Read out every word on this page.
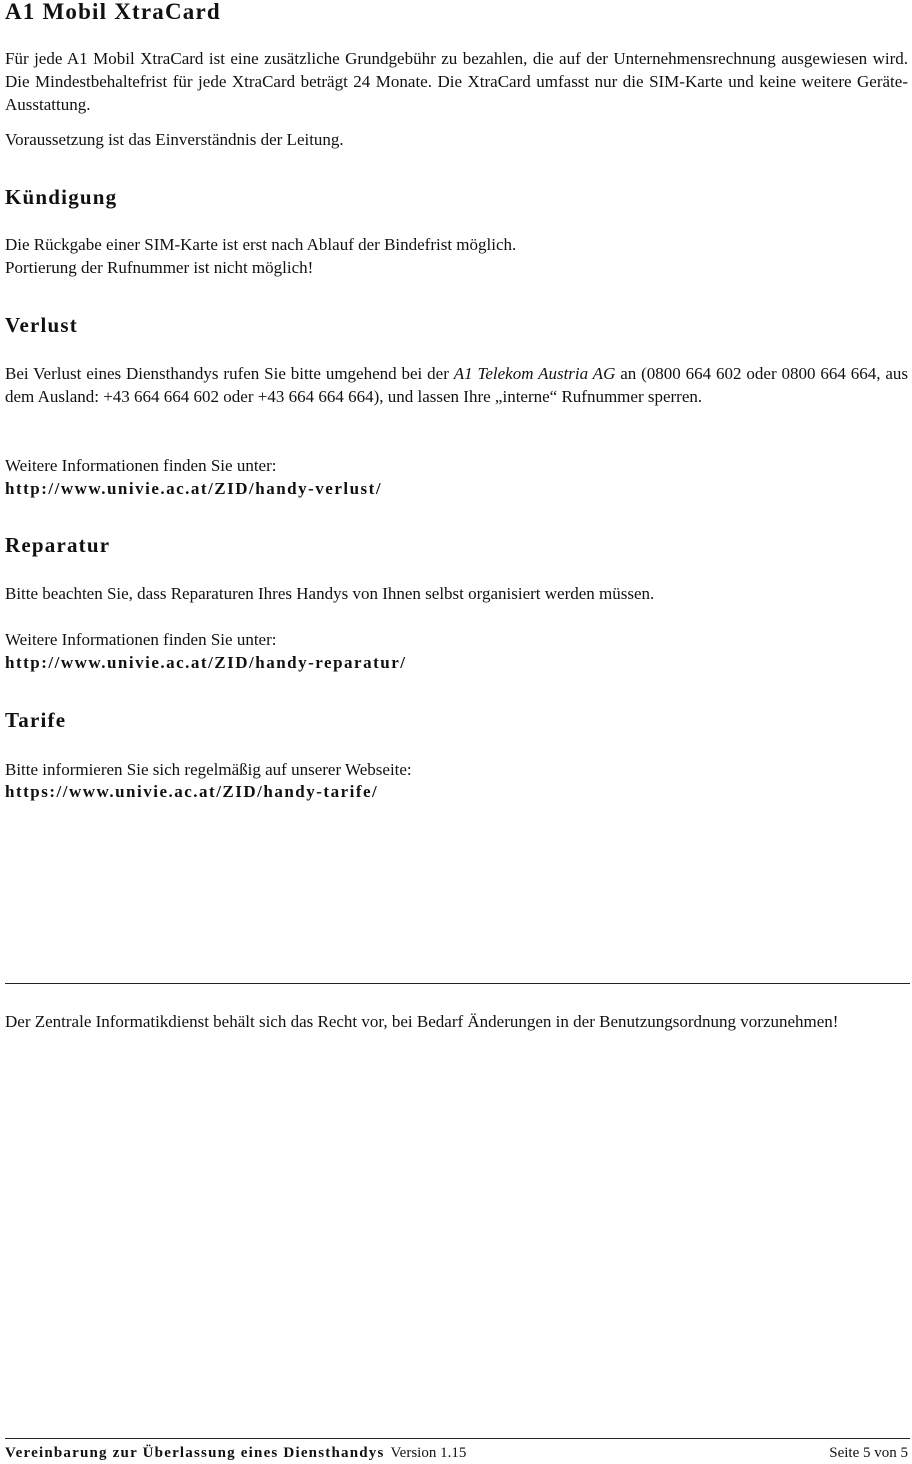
A1 Mobil XtraCard

Für jede A1 Mobil XtraCard ist eine zusätzliche Grundgebühr zu bezahlen, die auf der Unternehmensrechnung ausgewiesen wird. Die Mindestbehaltefrist für jede XtraCard beträgt 24 Monate. Die XtraCard umfasst nur die SIM-Karte und keine weitere Geräte-Ausstattung.

Voraussetzung ist das Einverständnis der Leitung.

Kündigung

Die Rückgabe einer SIM-Karte ist erst nach Ablauf der Bindefrist möglich.

Portierung der Rufnummer ist nicht möglich!

Verlust

Bei Verlust eines Diensthandys rufen Sie bitte umgehend bei der A1 Telekom Austria AG an (0800 664 602 oder 0800 664 664, aus dem Ausland: +43 664 664 602 oder +43 664 664 664), und lassen Ihre „interne“ Rufnummer sperren.

Weitere Informationen finden Sie unter:

http://www.univie.ac.at/ZID/handy-verlust/
Reparatur

Bitte beachten Sie, dass Reparaturen Ihres Handys von Ihnen selbst organisiert werden müssen.

Weitere Informationen finden Sie unter:

http://www.univie.ac.at/ZID/handy-reparatur/
Tarife

Bitte informieren Sie sich regelmäßig auf unserer Webseite:

https://www.univie.ac.at/ZID/handy-tarife/

Der Zentrale Informatikdienst behält sich das Recht vor, bei Bedarf Änderungen in der Benutzungsordnung vorzunehmen!

Vereinbarung zur Überlassung eines Diensthandys Version 1.15	Seite 5 von 5
